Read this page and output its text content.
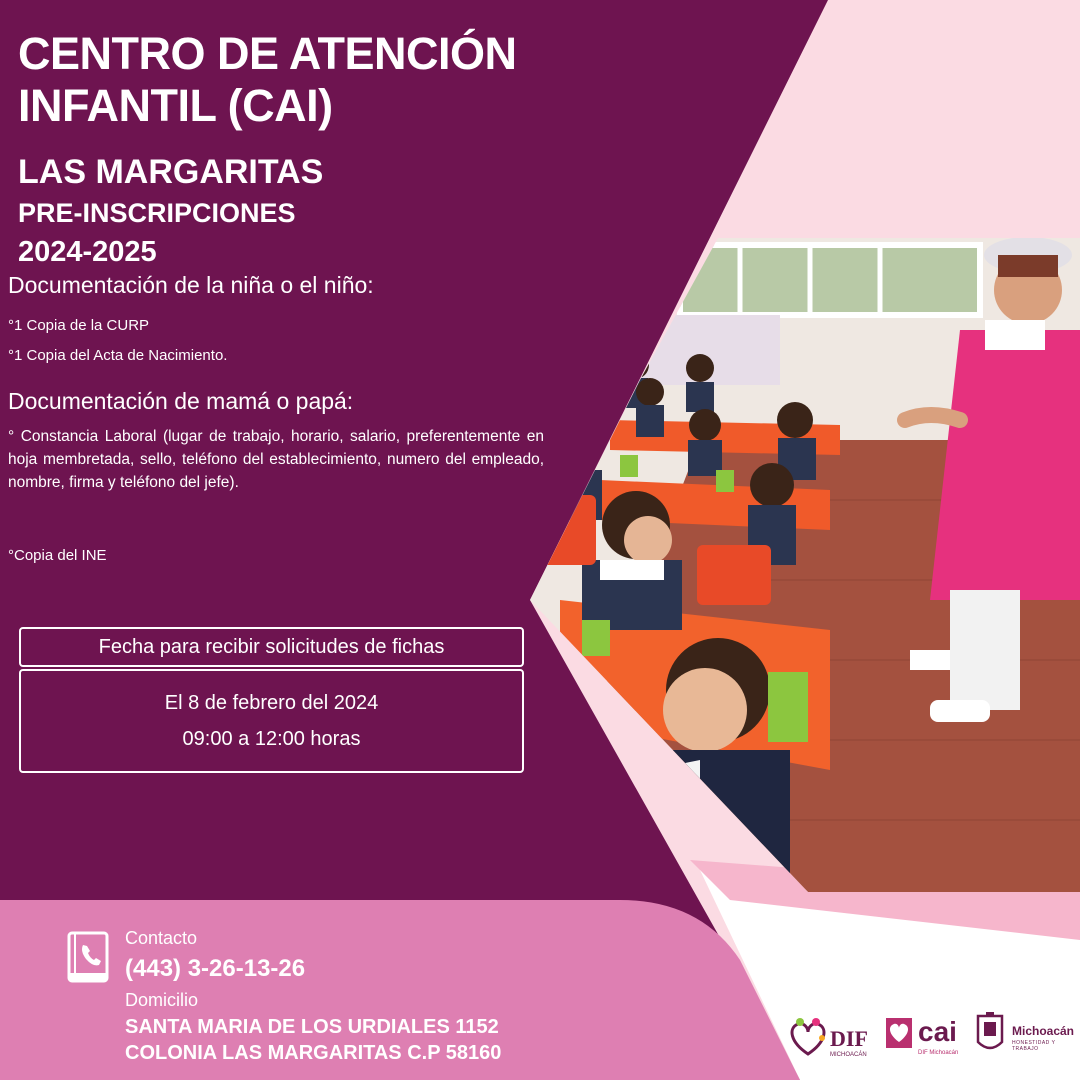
CENTRO DE ATENCIÓN
INFANTIL (CAI)
LAS MARGARITAS
PRE-INSCRIPCIONES
2024-2025
Documentación de la niña o el niño:
°1 Copia de la CURP
°1 Copia del Acta de Nacimiento.
Documentación de mamá o papá:
° Constancia Laboral (lugar de trabajo, horario, salario, preferentemente en hoja membretada, sello, teléfono del establecimiento, numero del empleado, nombre, firma y teléfono del jefe).
°Copia del INE
Fecha para recibir solicitudes de fichas
El 8 de febrero del 2024
09:00 a 12:00 horas
Contacto
(443) 3-26-13-26
Domicilio
SANTA MARIA DE LOS URDIALES 1152
COLONIA LAS MARGARITAS C.P 58160
DIF
MICHOACÁN
cai
DIF Michoacán
Michoacán
HONESTIDAD Y TRABAJO
